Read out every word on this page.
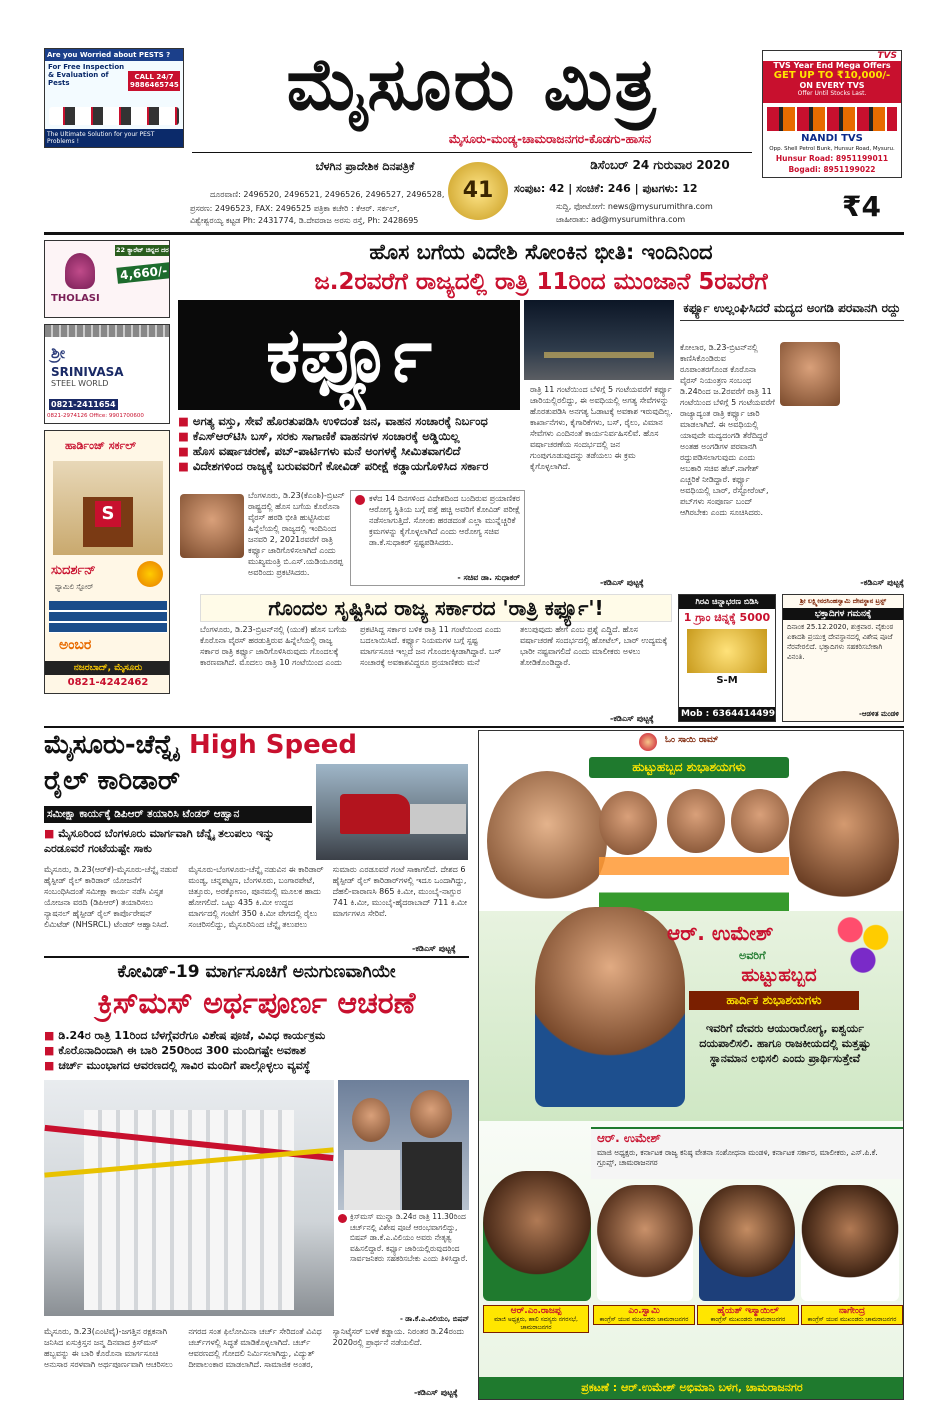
Are you Worried about PESTS ?
For Free Inspection & Evaluation of Pests
CALL 24/7 9886465745
The Ultimate Solution for your PEST Problems !
ಮೈಸೂರು ಮಿತ್ರ
ಮೈಸೂರು-ಮಂಡ್ಯ-ಚಾಮರಾಜನಗರ-ಕೊಡಗು-ಹಾಸನ
ಬೆಳಗಿನ ಪ್ರಾದೇಶಿಕ ದಿನಪತ್ರಿಕೆ	ಡಿಸೆಂಬರ್ 24 ಗುರುವಾರ 2020
41
ದೂರವಾಣಿ: 2496520, 2496521, 2496526, 2496527, 2496528,
ಪ್ರಸರಣ: 2496523, FAX: 2496525 ಪತ್ರಿಕಾ ಕಚೇರಿ : ಕೆಆರ್. ಸರ್ಕಲ್,
ವಿಶ್ವೇಶ್ವರಯ್ಯ ಕಟ್ಟಡ Ph: 2431774, ಡಿ.ದೇವರಾಜ ಅರಸು ರಸ್ತೆ, Ph: 2428695
ಸಂಪುಟ: 42 | ಸಂಚಿಕೆ: 246 | ಪುಟಗಳು: 12
ಸುದ್ದಿ, ಫೋಟೋಗೆ: news@mysurumithra.com
ಜಾಹೀರಾತು: ad@mysurumithra.com	₹4
TVS
TVS Year End Mega Offers
GET UP TO ₹10,000/-
ON EVERY TVS
Offer Until Stocks Last.
NANDI TVS
Opp. Shell Petrol Bunk, Hunsur Road, Mysuru.
Hunsur Road: 8951199011
Bogadi: 8951199022
THOLASI
22 ಕ್ಯಾರೆಟ್ ಚಿನ್ನದ ದರ
4,660/-
ಶ್ರೀ
SRINIVASA
STEEL WORLD
0821-2411654
0821-2974126 Office: 9901700600
ಹಾರ್ಡಿಂಜ್ ಸರ್ಕಲ್
S
ಸುದರ್ಶನ್
ಫ್ಯಾಮಿಲಿ ಸ್ಟೋರ್
ಅಂಬರ
ನಜರಬಾದ್, ಮೈಸೂರು
0821-4242462
ಹೊಸ ಬಗೆಯ ವಿದೇಶಿ ಸೋಂಕಿನ ಭೀತಿ: ಇಂದಿನಿಂದ
ಜ.2ರವರೆಗೆ ರಾಜ್ಯದಲ್ಲಿ ರಾತ್ರಿ 11ರಿಂದ ಮುಂಜಾನೆ 5ರವರೆಗೆ
ಕರ್ಫ್ಯೂ
■ ಅಗತ್ಯ ವಸ್ತು, ಸೇವೆ ಹೊರತುಪಡಿಸಿ ಉಳಿದಂತೆ ಜನ, ವಾಹನ ಸಂಚಾರಕ್ಕೆ ನಿರ್ಬಂಧ
■ ಕೆಎಸ್ಆರ್‌ಟಿಸಿ ಬಸ್, ಸರಕು ಸಾಗಾಣಿಕೆ ವಾಹನಗಳ ಸಂಚಾರಕ್ಕೆ ಅಡ್ಡಿಯಿಲ್ಲ
■ ಹೊಸ ವರ್ಷಾಚರಣೆ, ಪಬ್-ಪಾರ್ಟಿಗಳು ಮನೆ ಅಂಗಳಕ್ಕೆ ಸೀಮಿತವಾಗಲಿದೆ
■ ವಿದೇಶಗಳಿಂದ ರಾಜ್ಯಕ್ಕೆ ಬರುವವರಿಗೆ ಕೋವಿಡ್ ಪರೀಕ್ಷೆ ಕಡ್ಡಾಯಗೊಳಿಸಿದ ಸರ್ಕಾರ
ಬೆಂಗಳೂರು, ಡಿ.23(ಕೆಎಂಶಿ)-ಬ್ರಿಟನ್ ರಾಷ್ಟ್ರದಲ್ಲಿ ಹೊಸ ಬಗೆಯ ಕೊರೊನಾ ವೈರಸ್ ಹರಡಿ ಭೀತಿ ಹುಟ್ಟಿಸಿರುವ ಹಿನ್ನೆಲೆಯಲ್ಲಿ ರಾಜ್ಯದಲ್ಲಿ ಇಂದಿನಿಂದ ಜನವರಿ 2, 2021ರವರೆಗೆ ರಾತ್ರಿ ಕರ್ಫ್ಯೂ ಜಾರಿಗೊಳಿಸಲಾಗಿದೆ ಎಂದು ಮುಖ್ಯಮಂತ್ರಿ ಬಿ.ಎಸ್.ಯಡಿಯೂರಪ್ಪ ಅವರಿಂದು ಪ್ರಕಟಿಸಿದರು.
ಕಳೆದ 14 ದಿನಗಳಿಂದ ವಿದೇಶದಿಂದ ಬಂದಿರುವ ಪ್ರಯಾಣಿಕರ ಆರೋಗ್ಯ ಸ್ಥಿತಿಯ ಬಗ್ಗೆ ಪತ್ತೆ ಹಚ್ಚಿ ಅವರಿಗೆ ಕೋವಿಡ್ ಪರೀಕ್ಷೆ ನಡೆಸಲಾಗುತ್ತಿದೆ. ಸೋಂಕು ಹರಡದಂತೆ ಎಲ್ಲಾ ಮುನ್ನೆಚ್ಚರಿಕೆ ಕ್ರಮಗಳನ್ನು ಕೈಗೊಳ್ಳಲಾಗಿದೆ ಎಂದು ಆರೋಗ್ಯ ಸಚಿವ ಡಾ.ಕೆ.ಸುಧಾಕರ್ ಸ್ಪಷ್ಟಪಡಿಸಿದರು.
- ಸಚಿವ ಡಾ. ಸುಧಾಕರ್
ರಾತ್ರಿ 11 ಗಂಟೆಯಿಂದ ಬೆಳಿಗ್ಗೆ 5 ಗಂಟೆಯವರೆಗೆ ಕರ್ಫ್ಯೂ ಜಾರಿಯಲ್ಲಿರಲಿದ್ದು, ಈ ಅವಧಿಯಲ್ಲಿ ಅಗತ್ಯ ಸೇವೆಗಳನ್ನು ಹೊರತುಪಡಿಸಿ ಅನಗತ್ಯ ಓಡಾಟಕ್ಕೆ ಅವಕಾಶ ಇರುವುದಿಲ್ಲ. ಕಾರ್ಖಾನೆಗಳು, ಕೈಗಾರಿಕೆಗಳು, ಬಸ್, ರೈಲು, ವಿಮಾನ ಸೇವೆಗಳು ಎಂದಿನಂತೆ ಕಾರ್ಯನಿರ್ವಹಿಸಲಿವೆ. ಹೊಸ ವರ್ಷಾಚರಣೆಯ ಸಂದರ್ಭದಲ್ಲಿ ಜನ ಗುಂಪುಗೂಡುವುದನ್ನು ತಡೆಯಲು ಈ ಕ್ರಮ ಕೈಗೊಳ್ಳಲಾಗಿದೆ.
-ಕಡಿಎಸ್ ಪುಟ್ಟಕ್ಕೆ
ಕರ್ಫ್ಯೂ ಉಲ್ಲಂಘಿಸಿದರೆ ಮದ್ಯದ ಅಂಗಡಿ ಪರವಾನಗಿ ರದ್ದು
ಕೋಲಾರ, ಡಿ.23-ಬ್ರಿಟನ್‌ನಲ್ಲಿ ಕಾಣಿಸಿಕೊಂಡಿರುವ ರೂಪಾಂತರಗೊಂಡ ಕೊರೊನಾ ವೈರಸ್ ನಿಯಂತ್ರಣ ಸಂಬಂಧ ಡಿ.24ರಿಂದ ಜ.2ರವರೆಗೆ ರಾತ್ರಿ 11 ಗಂಟೆಯಿಂದ ಬೆಳಿಗ್ಗೆ 5 ಗಂಟೆಯವರೆಗೆ ರಾಜ್ಯಾದ್ಯಂತ ರಾತ್ರಿ ಕರ್ಫ್ಯೂ ಜಾರಿ ಮಾಡಲಾಗಿದೆ. ಈ ಅವಧಿಯಲ್ಲಿ ಯಾವುದೇ ಮದ್ಯದಂಗಡಿ ತೆರೆದಿದ್ದರೆ ಅಂತಹ ಅಂಗಡಿಗಳ ಪರವಾನಗಿ ರದ್ದುಪಡಿಸಲಾಗುವುದು ಎಂದು ಅಬಕಾರಿ ಸಚಿವ ಹೆಚ್.ನಾಗೇಶ್ ಎಚ್ಚರಿಕೆ ನೀಡಿದ್ದಾರೆ. ಕರ್ಫ್ಯೂ ಅವಧಿಯಲ್ಲಿ ಬಾರ್, ರೆಸ್ಟೋರೆಂಟ್, ಪಬ್‌ಗಳು ಸಂಪೂರ್ಣ ಬಂದ್ ಆಗಿರಬೇಕು ಎಂದು ಸೂಚಿಸಿದರು.
-ಕಡಿಎಸ್ ಪುಟ್ಟಕ್ಕೆ
ಗೊಂದಲ ಸೃಷ್ಟಿಸಿದ ರಾಜ್ಯ ಸರ್ಕಾರದ 'ರಾತ್ರಿ ಕರ್ಫ್ಯೂ'!
ಬೆಂಗಳೂರು, ಡಿ.23-ಬ್ರಿಟನ್‌ನಲ್ಲಿ (ಯುಕೆ) ಹೊಸ ಬಗೆಯ ಕೊರೊನಾ ವೈರಸ್ ಹರಡುತ್ತಿರುವ ಹಿನ್ನೆಲೆಯಲ್ಲಿ ರಾಜ್ಯ ಸರ್ಕಾರ ರಾತ್ರಿ ಕರ್ಫ್ಯೂ ಜಾರಿಗೊಳಿಸಿರುವುದು ಗೊಂದಲಕ್ಕೆ ಕಾರಣವಾಗಿದೆ. ಮೊದಲು ರಾತ್ರಿ 10 ಗಂಟೆಯಿಂದ ಎಂದು ಪ್ರಕಟಿಸಿದ್ದ ಸರ್ಕಾರ ಬಳಿಕ ರಾತ್ರಿ 11 ಗಂಟೆಯಿಂದ ಎಂದು ಬದಲಾಯಿಸಿದೆ. ಕರ್ಫ್ಯೂ ನಿಯಮಗಳ ಬಗ್ಗೆ ಸ್ಪಷ್ಟ ಮಾರ್ಗಸೂಚಿ ಇಲ್ಲದೆ ಜನ ಗೊಂದಲಕ್ಕೀಡಾಗಿದ್ದಾರೆ. ಬಸ್ ಸಂಚಾರಕ್ಕೆ ಅವಕಾಶವಿದ್ದರೂ ಪ್ರಯಾಣಿಕರು ಮನೆ ತಲುಪುವುದು ಹೇಗೆ ಎಂಬ ಪ್ರಶ್ನೆ ಎದ್ದಿದೆ. ಹೊಸ ವರ್ಷಾಚರಣೆ ಸಂದರ್ಭದಲ್ಲಿ ಹೋಟೆಲ್, ಬಾರ್ ಉದ್ಯಮಕ್ಕೆ ಭಾರೀ ನಷ್ಟವಾಗಲಿದೆ ಎಂದು ಮಾಲೀಕರು ಅಳಲು ತೋಡಿಕೊಂಡಿದ್ದಾರೆ.
-ಕಡಿಎಸ್ ಪುಟ್ಟಕ್ಕೆ
ಗಿರವಿ ಚಿನ್ನಾಭರಣ ಬಿಡಿಸಿ
1 ಗ್ರಾಂ ಚಿನ್ನಕ್ಕೆ 5000
S-M
Mob : 6364414499
ಶ್ರೀ ಲಕ್ಷ್ಮೀನರಸಿಂಹಸ್ವಾಮಿ ದೇವಸ್ಥಾನ ಟ್ರಸ್ಟ್
ಭಕ್ತಾದಿಗಳ ಗಮನಕ್ಕೆ
ದಿನಾಂಕ 25.12.2020, ಶುಕ್ರವಾರ. ವೈಕುಂಠ ಏಕಾದಶಿ ಪ್ರಯುಕ್ತ ದೇವಸ್ಥಾನದಲ್ಲಿ ವಿಶೇಷ ಪೂಜೆ ನೆರವೇರಲಿದೆ. ಭಕ್ತಾದಿಗಳು ಸಹಕರಿಸಬೇಕಾಗಿ ವಿನಂತಿ.
-ಆಡಳಿತ ಮಂಡಳಿ
ಮೈಸೂರು-ಚೆನ್ನೈ High Speed
ರೈಲ್ ಕಾರಿಡಾರ್
ಸಮೀಕ್ಷಾ ಕಾರ್ಯಕ್ಕೆ ಡಿಪಿಆರ್ ತಯಾರಿಸಿ ಟೆಂಡರ್ ಆಹ್ವಾನ
■ ಮೈಸೂರಿಂದ ಬೆಂಗಳೂರು ಮಾರ್ಗವಾಗಿ ಚೆನ್ನೈ ತಲುಪಲು ಇನ್ನು ಎರಡೂವರೆ ಗಂಟೆಯಷ್ಟೇ ಸಾಕು
ಮೈಸೂರು, ಡಿ.23(ಆರ್‌ಕೆ)-ಮೈಸೂರು-ಚೆನ್ನೈ ನಡುವೆ ಹೈಸ್ಪೀಡ್ ರೈಲ್ ಕಾರಿಡಾರ್ ಯೋಜನೆಗೆ ಸಂಬಂಧಿಸಿದಂತೆ ಸಮೀಕ್ಷಾ ಕಾರ್ಯ ನಡೆಸಿ ವಿಸ್ತೃತ ಯೋಜನಾ ವರದಿ (ಡಿಪಿಆರ್) ತಯಾರಿಸಲು ನ್ಯಾಷನಲ್ ಹೈಸ್ಪೀಡ್ ರೈಲ್ ಕಾರ್ಪೊರೇಷನ್ ಲಿಮಿಟೆಡ್ (NHSRCL) ಟೆಂಡರ್ ಆಹ್ವಾನಿಸಿದೆ. ಮೈಸೂರು-ಬೆಂಗಳೂರು-ಚೆನ್ನೈ ನಡುವಿನ ಈ ಕಾರಿಡಾರ್ ಮಂಡ್ಯ, ಚನ್ನಪಟ್ಟಣ, ಬೆಂಗಳೂರು, ಬಂಗಾರಪೇಟೆ, ಚಿತ್ತೂರು, ಅರಕ್ಕೋಣಂ, ಪೂನಮಲ್ಲಿ ಮೂಲಕ ಹಾದು ಹೋಗಲಿದೆ. ಒಟ್ಟು 435 ಕಿ.ಮೀ ಉದ್ದದ ಮಾರ್ಗದಲ್ಲಿ ಗಂಟೆಗೆ 350 ಕಿ.ಮೀ ವೇಗದಲ್ಲಿ ರೈಲು ಸಂಚರಿಸಲಿದ್ದು, ಮೈಸೂರಿನಿಂದ ಚೆನ್ನೈ ತಲುಪಲು ಸುಮಾರು ಎರಡೂವರೆ ಗಂಟೆ ಸಾಕಾಗಲಿದೆ. ದೇಶದ 6 ಹೈಸ್ಪೀಡ್ ರೈಲ್ ಕಾರಿಡಾರ್‌ಗಳಲ್ಲಿ ಇದೂ ಒಂದಾಗಿದ್ದು, ದೆಹಲಿ-ವಾರಾಣಸಿ 865 ಕಿ.ಮೀ, ಮುಂಬೈ-ನಾಗ್ಪುರ 741 ಕಿ.ಮೀ, ಮುಂಬೈ-ಹೈದರಾಬಾದ್ 711 ಕಿ.ಮೀ ಮಾರ್ಗಗಳೂ ಸೇರಿವೆ.
-ಕಡಿಎಸ್ ಪುಟ್ಟಕ್ಕೆ
ಕೋವಿಡ್-19 ಮಾರ್ಗಸೂಚಿಗೆ ಅನುಗುಣವಾಗಿಯೇ
ಕ್ರಿಸ್‌ಮಸ್ ಅರ್ಥಪೂರ್ಣ ಆಚರಣೆ
■ ಡಿ.24ರ ರಾತ್ರಿ 11ರಿಂದ ಬೆಳಗ್ಗೆವರೆಗೂ ವಿಶೇಷ ಪೂಜೆ, ವಿವಿಧ ಕಾರ್ಯಕ್ರಮ
■ ಕೊರೊನಾದಿಂದಾಗಿ ಈ ಬಾರಿ 250ರಿಂದ 300 ಮಂದಿಗಷ್ಟೇ ಅವಕಾಶ
■ ಚರ್ಚ್ ಮುಂಭಾಗದ ಆವರಣದಲ್ಲಿ ಸಾವಿರ ಮಂದಿಗೆ ಪಾಲ್ಗೊಳ್ಳಲು ವ್ಯವಸ್ಥೆ
ಕ್ರಿಸ್‌ಮಸ್ ಮುನ್ನಾ ಡಿ.24ರ ರಾತ್ರಿ 11.30ರಿಂದ ಚರ್ಚ್‌ನಲ್ಲಿ ವಿಶೇಷ ಪೂಜೆ ಆರಂಭವಾಗಲಿದ್ದು, ಬಿಷಪ್ ಡಾ.ಕೆ.ಎ.ವಿಲಿಯಂ ಅವರು ನೇತೃತ್ವ ವಹಿಸಲಿದ್ದಾರೆ. ಕರ್ಫ್ಯೂ ಜಾರಿಯಲ್ಲಿರುವುದರಿಂದ ಸಾರ್ವಜನಿಕರು ಸಹಕರಿಸಬೇಕು ಎಂದು ತಿಳಿಸಿದ್ದಾರೆ.
- ಡಾ.ಕೆ.ಎ.ವಿಲಿಯಂ, ಬಿಷಪ್
ಮೈಸೂರು, ಡಿ.23(ಎಂಟಿವೈ)-ಜಗತ್ತಿನ ರಕ್ಷಕನಾಗಿ ಜನಿಸಿದ ಏಸುಕ್ರಿಸ್ತನ ಜನ್ಮ ದಿನವಾದ ಕ್ರಿಸ್‌ಮಸ್ ಹಬ್ಬವನ್ನು ಈ ಬಾರಿ ಕೊರೊನಾ ಮಾರ್ಗಸೂಚಿ ಅನುಸಾರ ಸರಳವಾಗಿ ಅರ್ಥಪೂರ್ಣವಾಗಿ ಆಚರಿಸಲು ನಗರದ ಸಂತ ಫಿಲೋಮಿನಾ ಚರ್ಚ್ ಸೇರಿದಂತೆ ವಿವಿಧ ಚರ್ಚ್‌ಗಳಲ್ಲಿ ಸಿದ್ಧತೆ ಮಾಡಿಕೊಳ್ಳಲಾಗಿದೆ. ಚರ್ಚ್ ಆವರಣದಲ್ಲಿ ಗೋದಲಿ ನಿರ್ಮಿಸಲಾಗಿದ್ದು, ವಿದ್ಯುತ್ ದೀಪಾಲಂಕಾರ ಮಾಡಲಾಗಿದೆ. ಸಾಮಾಜಿಕ ಅಂತರ, ಸ್ಯಾನಿಟೈಸರ್ ಬಳಕೆ ಕಡ್ಡಾಯ. ನಿರಂತರ ಡಿ.24ರಂದು 2020ರಲ್ಲಿ ಪ್ರಾರ್ಥನೆ ನಡೆಯಲಿದೆ.
-ಕಡಿಎಸ್ ಪುಟ್ಟಕ್ಕೆ
ಓಂ ಸಾಯಿ ರಾಮ್
ಹುಟ್ಟುಹಬ್ಬದ ಶುಭಾಶಯಗಳು
ಆರ್. ಉಮೇಶ್
ಅವರಿಗೆ
ಹುಟ್ಟುಹಬ್ಬದ
ಹಾರ್ದಿಕ ಶುಭಾಶಯಗಳು
ಇವರಿಗೆ ದೇವರು ಆಯುರಾರೋಗ್ಯ, ಐಶ್ವರ್ಯ ದಯಪಾಲಿಸಲಿ. ಹಾಗೂ ರಾಜಕೀಯದಲ್ಲಿ ಮತ್ತಷ್ಟು ಸ್ಥಾನಮಾನ ಲಭಿಸಲಿ ಎಂದು ಪ್ರಾರ್ಥಿಸುತ್ತೇವೆ
ಆರ್. ಉಮೇಶ್
ಮಾಜಿ ಅಧ್ಯಕ್ಷರು, ಕರ್ನಾಟಕ ರಾಜ್ಯ ಕನಿಷ್ಠ ವೇತನಾ ಸಂಶೋಧನಾ ಮಂಡಳಿ, ಕರ್ನಾಟಕ ಸರ್ಕಾರ, ಮಾಲೀಕರು, ಎಸ್.ಪಿ.ಕೆ. ಗ್ರೂಪ್ಸ್, ಚಾಮರಾಜನಗರ
ಆರ್.ಎಂ.ರಾಜಪ್ಪ
ಮಾಜಿ ಅಧ್ಯಕ್ಷರು, ಹಾಲಿ ಸದಸ್ಯರು ನಗರಸಭೆ, ಚಾಮರಾಜನಗರ
ಎಂ.ಸ್ವಾಮಿ
ಕಾಂಗ್ರೆಸ್ ಯುವ ಮುಖಂಡರು ಚಾಮರಾಜನಗರ
ಹೈಯತ್ ಇಸ್ಮಾಯಿಲ್
ಕಾಂಗ್ರೆಸ್ ಮುಖಂಡರು ಚಾಮರಾಜನಗರ
ನಾಗೇಂದ್ರ
ಕಾಂಗ್ರೆಸ್ ಯುವ ಮುಖಂಡರು ಚಾಮರಾಜನಗರ
ಪ್ರಕಟಣೆ : ಆರ್.ಉಮೇಶ್ ಅಭಿಮಾನಿ ಬಳಗ, ಚಾಮರಾಜನಗರ
